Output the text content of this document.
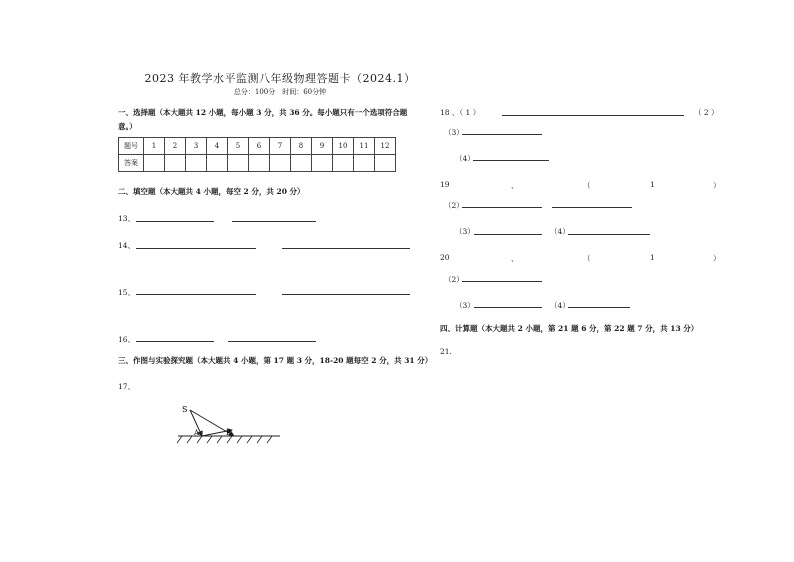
2023 年教学水平监测八年级物理答题卡（2024.1）
总分：100分　时间：60分钟
一、选择题（本大题共 12 小题，每小题 3 分，共 36 分。每小题只有一个选项符合题
意。）
题号	1	2	3	4	5	6	7	8	9	10	11	12
答案												
二、填空题（本大题共 4 小题，每空 2 分，共 20 分）
13、
14、
15、
16、
三、作图与实验探究题（本大题共 4 小题，第 17 题 3 分，18-20 题每空 2 分，共 31 分）
17、
S
A	B
18 、（ 1 ）	（ 2 ）
（3）
（4）
19	、	（	1	）
（2）
（3）	（4）
20	、	（	1	）
（2）
（3）	（4）
四、计算题（本大题共 2 小题，第 21 题 6 分，第 22 题 7 分，共 13 分）
21.
